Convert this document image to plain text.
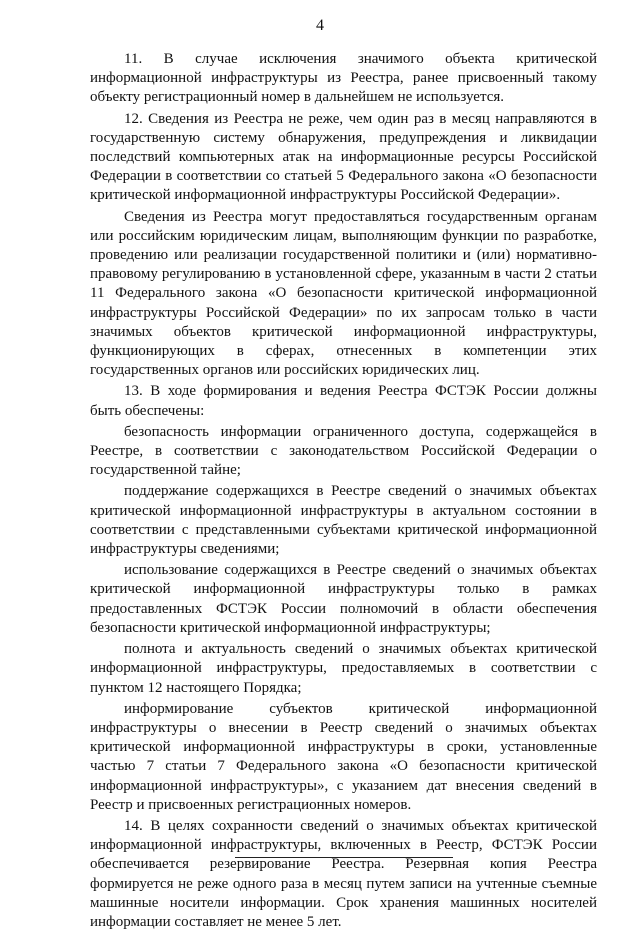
4

11. В случае исключения значимого объекта критической информационной инфраструктуры из Реестра, ранее присвоенный такому объекту регистрационный номер в дальнейшем не используется.

12. Сведения из Реестра не реже, чем один раз в месяц направляются в государственную систему обнаружения, предупреждения и ликвидации последствий компьютерных атак на информационные ресурсы Российской Федерации в соответствии со статьей 5 Федерального закона «О безопасности критической информационной инфраструктуры Российской Федерации».

Сведения из Реестра могут предоставляться государственным органам или российским юридическим лицам, выполняющим функции по разработке, проведению или реализации государственной политики и (или) нормативно-правовому регулированию в установленной сфере, указанным в части 2 статьи 11 Федерального закона «О безопасности критической информационной инфраструктуры Российской Федерации» по их запросам только в части значимых объектов критической информационной инфраструктуры, функционирующих в сферах, отнесенных в компетенции этих государственных органов или российских юридических лиц.

13. В ходе формирования и ведения Реестра ФСТЭК России должны быть обеспечены:

безопасность информации ограниченного доступа, содержащейся в Реестре, в соответствии с законодательством Российской Федерации о государственной тайне;

поддержание содержащихся в Реестре сведений о значимых объектах критической информационной инфраструктуры в актуальном состоянии в соответствии с представленными субъектами критической информационной инфраструктуры сведениями;

использование содержащихся в Реестре сведений о значимых объектах критической информационной инфраструктуры только в рамках предоставленных ФСТЭК России полномочий в области обеспечения безопасности критической информационной инфраструктуры;

полнота и актуальность сведений о значимых объектах критической информационной инфраструктуры, предоставляемых в соответствии с пунктом 12 настоящего Порядка;

информирование субъектов критической информационной инфраструктуры о внесении в Реестр сведений о значимых объектах критической информационной инфраструктуры в сроки, установленные частью 7 статьи 7 Федерального закона «О безопасности критической информационной инфраструктуры», с указанием дат внесения сведений в Реестр и присвоенных регистрационных номеров.

14. В целях сохранности сведений о значимых объектах критической информационной инфраструктуры, включенных в Реестр, ФСТЭК России обеспечивается резервирование Реестра. Резервная копия Реестра формируется не реже одного раза в месяц путем записи на учтенные съемные машинные носители информации. Срок хранения машинных носителей информации составляет не менее 5 лет.
